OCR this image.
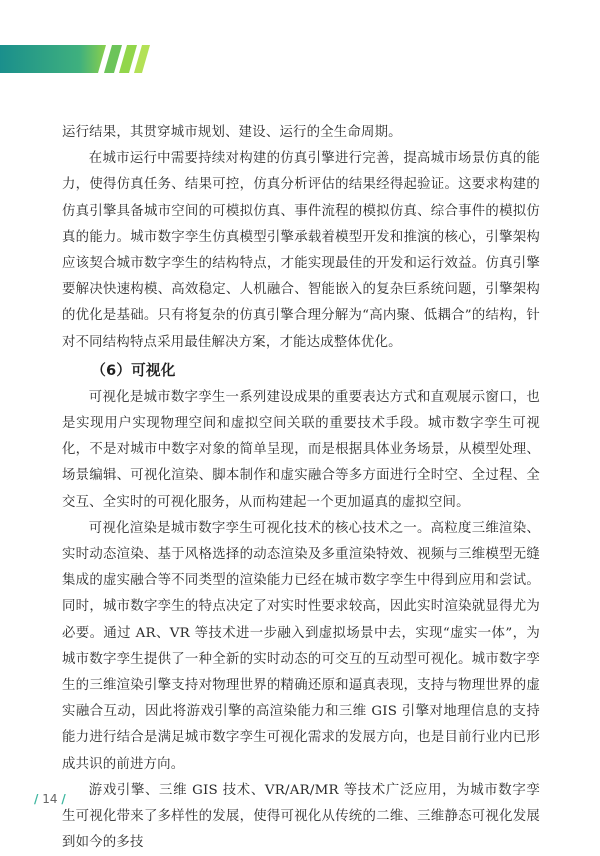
运行结果，其贯穿城市规划、建设、运行的全生命周期。

在城市运行中需要持续对构建的仿真引擎进行完善，提高城市场景仿真的能力，使得仿真任务、结果可控，仿真分析评估的结果经得起验证。这要求构建的仿真引擎具备城市空间的可模拟仿真、事件流程的模拟仿真、综合事件的模拟仿真的能力。城市数字孪生仿真模型引擎承载着模型开发和推演的核心，引擎架构应该契合城市数字孪生的结构特点，才能实现最佳的开发和运行效益。仿真引擎要解决快速构模、高效稳定、人机融合、智能嵌入的复杂巨系统问题，引擎架构的优化是基础。只有将复杂的仿真引擎合理分解为“高内聚、低耦合”的结构，针对不同结构特点采用最佳解决方案，才能达成整体优化。

（6）可视化

可视化是城市数字孪生一系列建设成果的重要表达方式和直观展示窗口，也是实现用户实现物理空间和虚拟空间关联的重要技术手段。城市数字孪生可视化，不是对城市中数字对象的简单呈现，而是根据具体业务场景，从模型处理、场景编辑、可视化渲染、脚本制作和虚实融合等多方面进行全时空、全过程、全交互、全实时的可视化服务，从而构建起一个更加逼真的虚拟空间。

可视化渲染是城市数字孪生可视化技术的核心技术之一。高粒度三维渲染、实时动态渲染、基于风格选择的动态渲染及多重渲染特效、视频与三维模型无缝集成的虚实融合等不同类型的渲染能力已经在城市数字孪生中得到应用和尝试。同时，城市数字孪生的特点决定了对实时性要求较高，因此实时渲染就显得尤为必要。通过 AR、VR 等技术进一步融入到虚拟场景中去，实现“虚实一体”，为城市数字孪生提供了一种全新的实时动态的可交互的互动型可视化。城市数字孪生的三维渲染引擎支持对物理世界的精确还原和逼真表现，支持与物理世界的虚实融合互动，因此将游戏引擎的高渲染能力和三维 GIS 引擎对地理信息的支持能力进行结合是满足城市数字孪生可视化需求的发展方向，也是目前行业内已形成共识的前进方向。

游戏引擎、三维 GIS 技术、VR/AR/MR 等技术广泛应用，为城市数字孪生可视化带来了多样性的发展，使得可视化从传统的二维、三维静态可视化发展到如今的多技

/ 14 /
